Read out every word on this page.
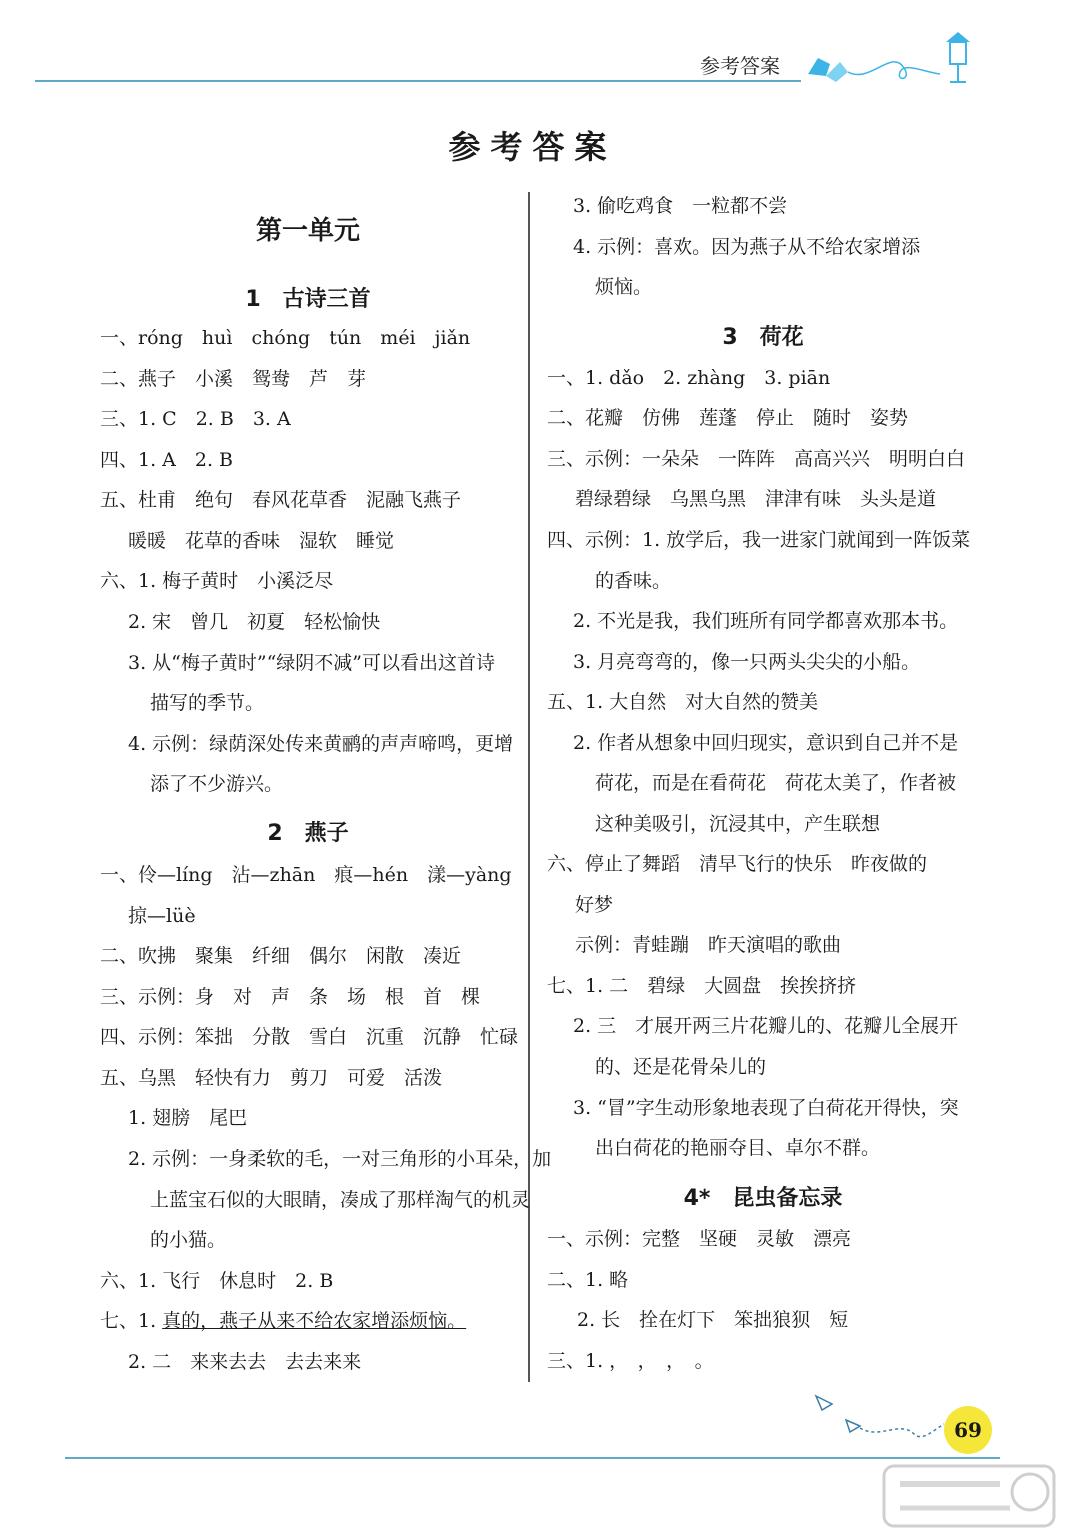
参考答案
参考答案
第一单元
1　古诗三首
一、róng　huì　chóng　tún　méi　jiǎn
二、燕子　小溪　鸳鸯　芦　芽
三、1. C　2. B　3. A
四、1. A　2. B
五、杜甫　绝句　春风花草香　泥融飞燕子
暖暖　花草的香味　湿软　睡觉
六、1. 梅子黄时　小溪泛尽
2. 宋　曾几　初夏　轻松愉快
3. 从“梅子黄时”“绿阴不减”可以看出这首诗
描写的季节。
4. 示例：绿荫深处传来黄鹂的声声啼鸣，更增
添了不少游兴。
2　燕子
一、伶—líng　沾—zhān　痕—hén　漾—yàng
掠—lüè
二、吹拂　聚集　纤细　偶尔　闲散　凑近
三、示例：身　对　声　条　场　根　首　棵
四、示例：笨拙　分散　雪白　沉重　沉静　忙碌
五、乌黑　轻快有力　剪刀　可爱　活泼
1. 翅膀　尾巴
2. 示例：一身柔软的毛，一对三角形的小耳朵，加
上蓝宝石似的大眼睛，凑成了那样淘气的机灵
的小猫。
六、1. 飞行　休息时　2. B
七、1. 真的，燕子从来不给农家增添烦恼。
2. 二　来来去去　去去来来
3. 偷吃鸡食　一粒都不尝
4. 示例：喜欢。因为燕子从不给农家增添
烦恼。
3　荷花
一、1. dǎo　2. zhàng　3. piān
二、花瓣　仿佛　莲蓬　停止　随时　姿势
三、示例：一朵朵　一阵阵　高高兴兴　明明白白
碧绿碧绿　乌黑乌黑　津津有味　头头是道
四、示例：1. 放学后，我一进家门就闻到一阵饭菜
的香味。
2. 不光是我，我们班所有同学都喜欢那本书。
3. 月亮弯弯的，像一只两头尖尖的小船。
五、1. 大自然　对大自然的赞美
2. 作者从想象中回归现实，意识到自己并不是
荷花，而是在看荷花　荷花太美了，作者被
这种美吸引，沉浸其中，产生联想
六、停止了舞蹈　清早飞行的快乐　昨夜做的
好梦
示例：青蛙蹦　昨天演唱的歌曲
七、1. 二　碧绿　大圆盘　挨挨挤挤
2. 三　才展开两三片花瓣儿的、花瓣儿全展开
的、还是花骨朵儿的
3. “冒”字生动形象地表现了白荷花开得快，突
出白荷花的艳丽夺目、卓尔不群。
4*　昆虫备忘录
一、示例：完整　坚硬　灵敏　漂亮
二、1. 略
2. 长　拴在灯下　笨拙狼狈　短
三、1. ，　，　，　。
69
